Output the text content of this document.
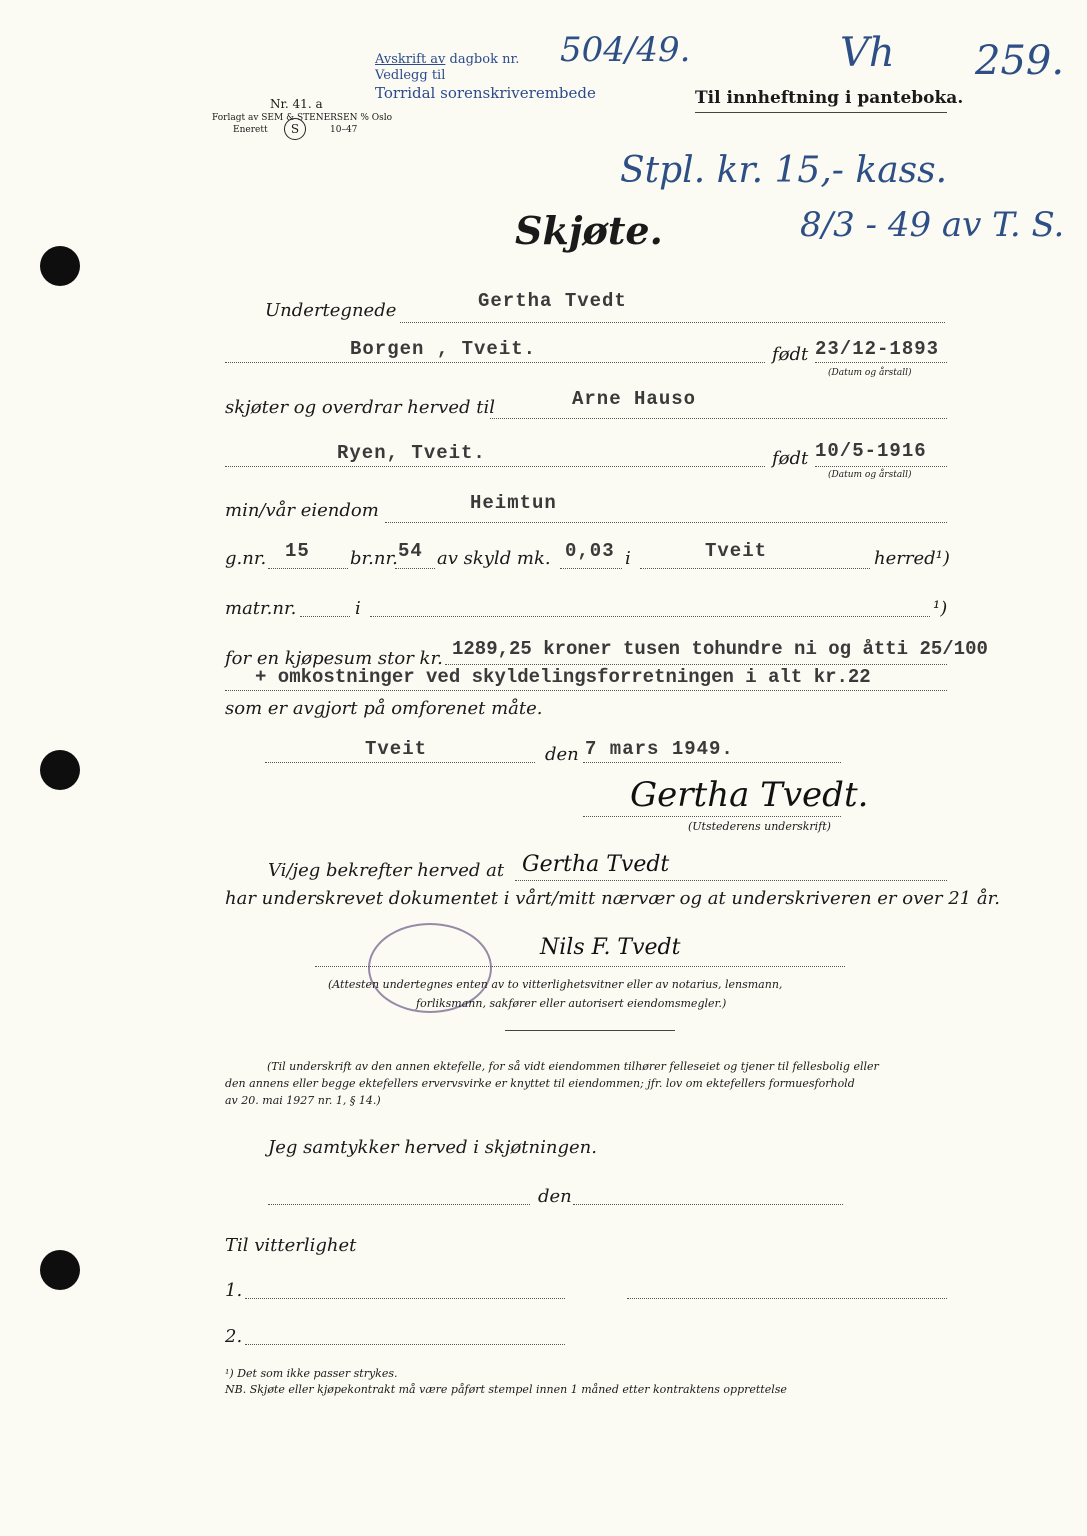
Avskrift av dagbok nr.
Vedlegg til
Torridal sorenskriverembede
504/49.	Vh 259.
Nr. 41. a
Forlagt av SEM & STENERSEN % Oslo
Enerett	S	10–47
Til innheftning i panteboka.
Stpl. kr. 15,- kass.
8/3 - 49 av T. S.
Skjøte.
Undertegnede	Gertha Tvedt
Borgen , Tveit.	født 23/12-1893
(Datum og årstall)
skjøter og overdrar herved til	Arne Hauso
Ryen, Tveit.	født 10/5-1916
(Datum og årstall)
min/vår eiendom	Heimtun
g.nr. 15 br.nr. 54 av skyld mk. 0,03 i	Tveit	herred¹)
matr.nr.	i	¹)
for en kjøpesum stor kr. 1289,25 kroner tusen tohundre ni og åtti 25/100
+ omkostninger ved skyldelingsforretningen i alt kr.22
som er avgjort på omforenet måte.
Tveit	den 7 mars 1949.
Gertha Tvedt.
(Utstederens underskrift)
Vi/jeg bekrefter herved at Gertha Tvedt
har underskrevet dokumentet i vårt/mitt nærvær og at underskriveren er over 21 år.
Nils F. Tvedt
(Attesten undertegnes enten av to vitterlighetsvitner eller av notarius, lensmann,
forliksmann, sakfører eller autorisert eiendomsmegler.)
(Til underskrift av den annen ektefelle, for så vidt eiendommen tilhører felleseiet og tjener til fellesbolig eller
den annens eller begge ektefellers ervervsvirke er knyttet til eiendommen; jfr. lov om ektefellers formuesforhold
av 20. mai 1927 nr. 1, § 14.)
Jeg samtykker herved i skjøtningen.
den
Til vitterlighet
1.
2.
¹) Det som ikke passer strykes.
NB. Skjøte eller kjøpekontrakt må være påført stempel innen 1 måned etter kontraktens opprettelse
